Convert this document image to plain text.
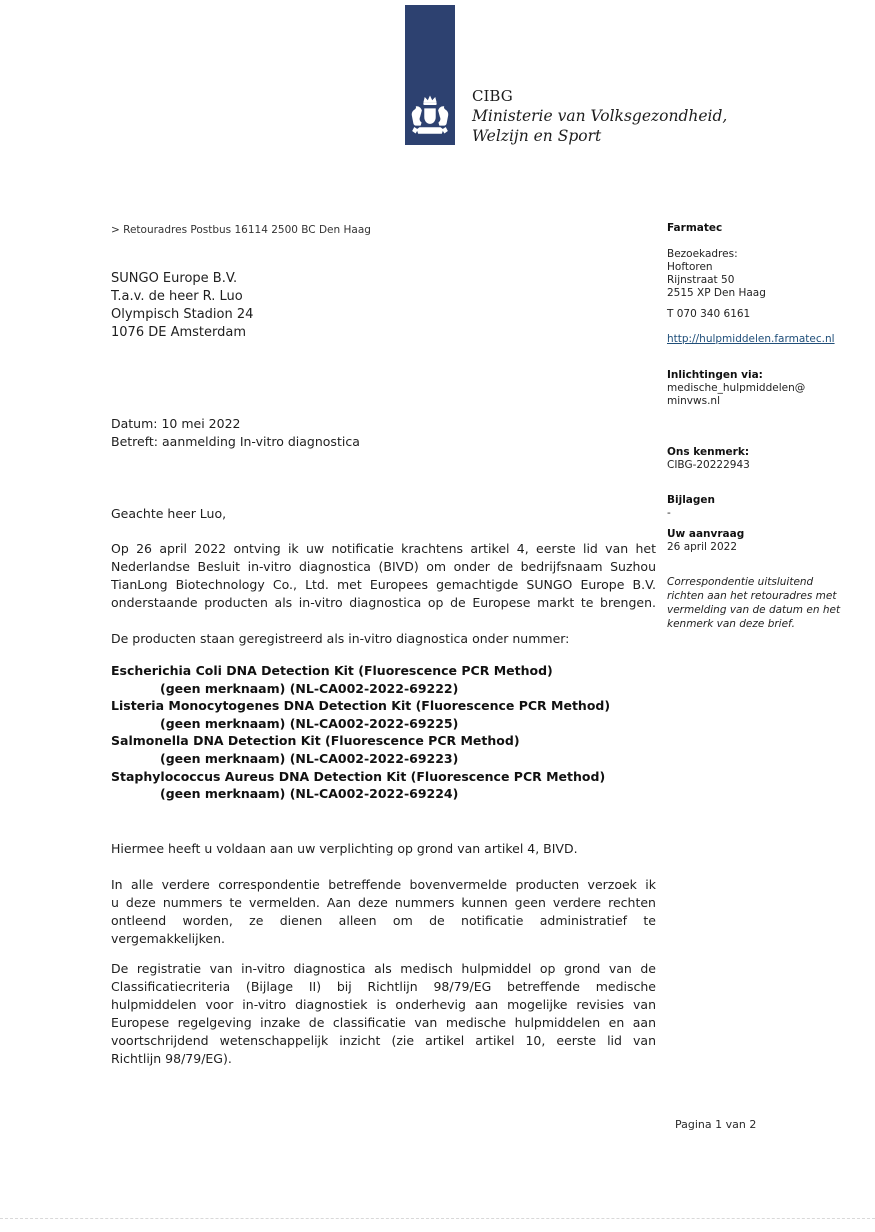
CIBG
Ministerie van Volksgezondheid,
Welzijn en Sport
> Retouradres Postbus 16114 2500 BC Den Haag
SUNGO Europe B.V.
T.a.v. de heer R. Luo
Olympisch Stadion 24
1076 DE Amsterdam
Datum: 10 mei 2022
Betreft: aanmelding In-vitro diagnostica
Geachte heer Luo,
Op 26 april 2022 ontving ik uw notificatie krachtens artikel 4, eerste lid van het
Nederlandse Besluit in-vitro diagnostica (BIVD) om onder de bedrijfsnaam Suzhou
TianLong Biotechnology Co., Ltd. met Europees gemachtigde SUNGO Europe B.V.
onderstaande producten als in-vitro diagnostica op de Europese markt te brengen.
De producten staan geregistreerd als in-vitro diagnostica onder nummer:
Escherichia Coli DNA Detection Kit (Fluorescence PCR Method)
(geen merknaam) (NL-CA002-2022-69222)
Listeria Monocytogenes DNA Detection Kit (Fluorescence PCR Method)
(geen merknaam) (NL-CA002-2022-69225)
Salmonella DNA Detection Kit (Fluorescence PCR Method)
(geen merknaam) (NL-CA002-2022-69223)
Staphylococcus Aureus DNA Detection Kit (Fluorescence PCR Method)
(geen merknaam) (NL-CA002-2022-69224)
Hiermee heeft u voldaan aan uw verplichting op grond van artikel 4, BIVD.
In alle verdere correspondentie betreffende bovenvermelde producten verzoek ik
u deze nummers te vermelden. Aan deze nummers kunnen geen verdere rechten
ontleend worden, ze dienen alleen om de notificatie administratief te
vergemakkelijken.
De registratie van in-vitro diagnostica als medisch hulpmiddel op grond van de
Classificatiecriteria (Bijlage II) bij Richtlijn 98/79/EG betreffende medische
hulpmiddelen voor in-vitro diagnostiek is onderhevig aan mogelijke revisies van
Europese regelgeving inzake de classificatie van medische hulpmiddelen en aan
voortschrijdend wetenschappelijk inzicht (zie artikel artikel 10, eerste lid van
Richtlijn 98/79/EG).
Farmatec
Bezoekadres:
Hoftoren
Rijnstraat 50
2515 XP Den Haag
T 070 340 6161
http://hulpmiddelen.farmatec.nl
Inlichtingen via:
medische_hulpmiddelen@
minvws.nl
Ons kenmerk:
CIBG-20222943
Bijlagen
-
Uw aanvraag
26 april 2022
Correspondentie uitsluitend richten aan het retouradres met vermelding van de datum en het kenmerk van deze brief.
Pagina 1 van 2
